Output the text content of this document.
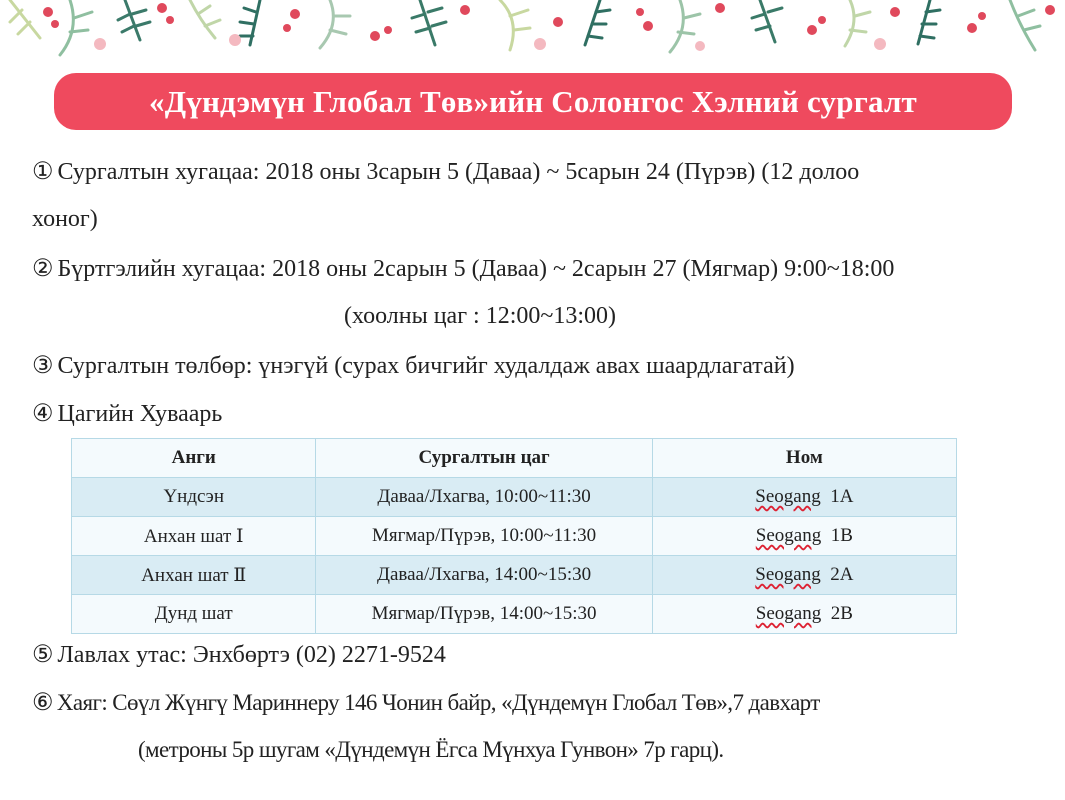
«Дүндэмүн Глобал Төв»ийн Солонгос Хэлний сургалт
① Сургалтын хугацаа: 2018 оны 3сарын 5 (Даваа) ~ 5сарын 24 (Пүрэв) (12 долоо
хоног)
② Бүртгэлийн хугацаа: 2018 оны 2сарын 5 (Даваа) ~ 2сарын 27 (Мягмар) 9:00~18:00
(хоолны цаг : 12:00~13:00)
③ Сургалтын төлбөр: үнэгүй (сурах бичгийг худалдаж авах шаардлагатай)
④ Цагийн Хуваарь
Анги	Сургалтын цаг	Ном
Үндсэн	Даваа/Лхагва, 10:00~11:30	Seogang 1A
Анхан шат Ⅰ	Мягмар/Пүрэв, 10:00~11:30	Seogang 1B
Анхан шат Ⅱ	Даваа/Лхагва, 14:00~15:30	Seogang 2A
Дунд шат	Мягмар/Пүрэв, 14:00~15:30	Seogang 2B
⑤ Лавлах утас: Энхбөртэ (02) 2271-9524
⑥ Хаяг: Сөүл Жүнгү Мариннеру 146 Чонин байр, «Дүндемүн Глобал Төв»,7 давхарт
(метроны 5р шугам «Дүндемүн Ёгса Мүнхуа Гунвон» 7р гарц).
